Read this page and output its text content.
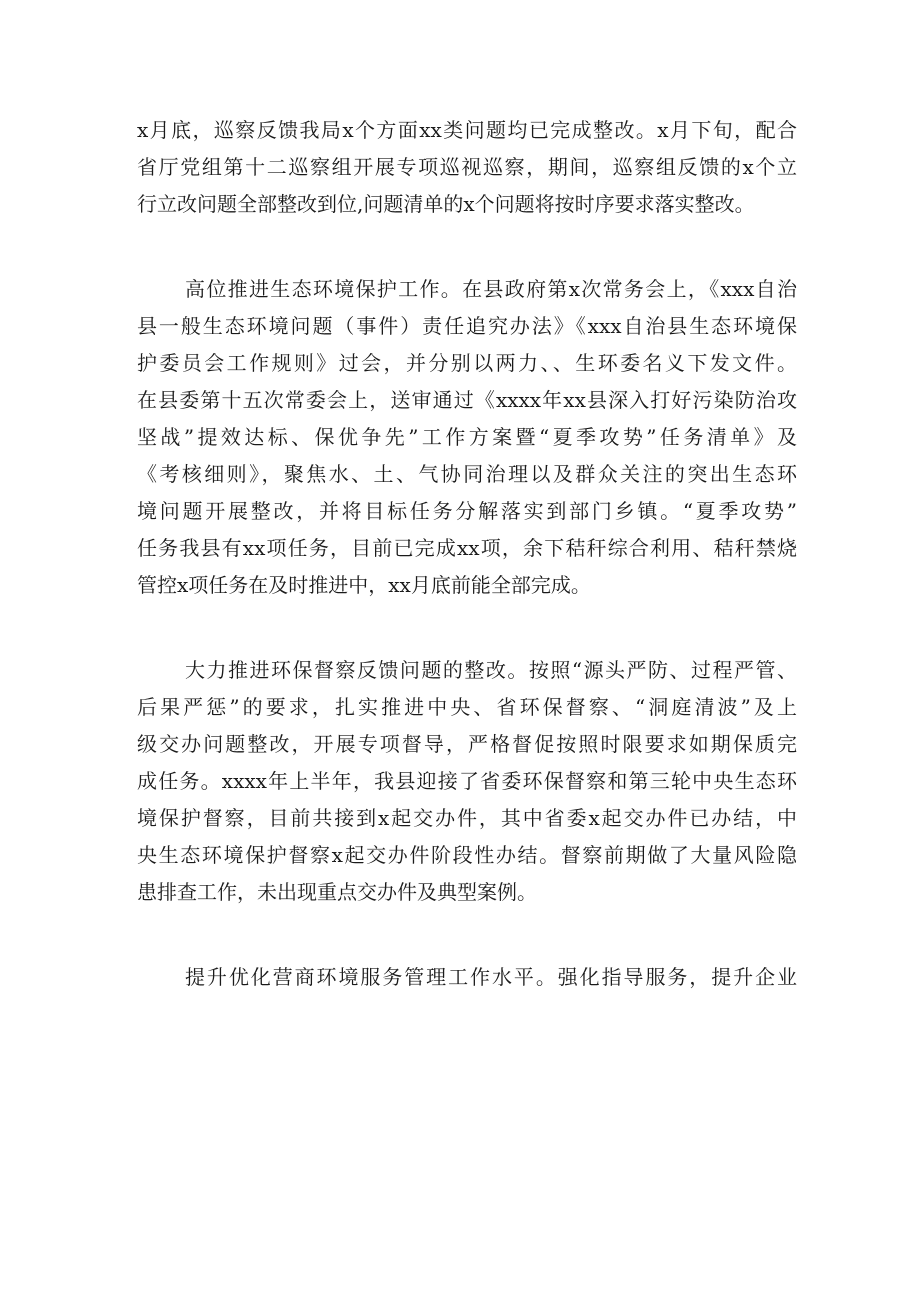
x月底，巡察反馈我局x个方面xx类问题均已完成整改。x月下旬，配合
省厅党组第十二巡察组开展专项巡视巡察，期间，巡察组反馈的x个立
行立改问题全部整改到位,问题清单的x个问题将按时序要求落实整改。
高位推进生态环境保护工作。在县政府第x次常务会上，《xxx自治
县一般生态环境问题（事件）责任追究办法》《xxx自治县生态环境保
护委员会工作规则》过会，并分别以两力、、生环委名义下发文件。
在县委第十五次常委会上，送审通过《xxxx年xx县深入打好污染防治攻
坚战”提效达标、保优争先”工作方案暨“夏季攻势”任务清单》及
《考核细则》，聚焦水、土、气协同治理以及群众关注的突出生态环
境问题开展整改，并将目标任务分解落实到部门乡镇。“夏季攻势”
任务我县有xx项任务，目前已完成xx项，余下秸秆综合利用、秸秆禁烧
管控x项任务在及时推进中，xx月底前能全部完成。
大力推进环保督察反馈问题的整改。按照“源头严防、过程严管、
后果严惩”的要求，扎实推进中央、省环保督察、“洞庭清波”及上
级交办问题整改，开展专项督导，严格督促按照时限要求如期保质完
成任务。xxxx年上半年，我县迎接了省委环保督察和第三轮中央生态环
境保护督察，目前共接到x起交办件，其中省委x起交办件已办结，中
央生态环境保护督察x起交办件阶段性办结。督察前期做了大量风险隐
患排查工作，未出现重点交办件及典型案例。
提升优化营商环境服务管理工作水平。强化指导服务，提升企业
